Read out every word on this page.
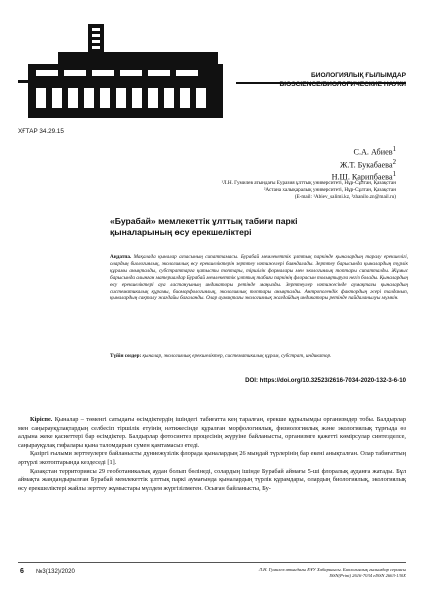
БИОЛОГИЯЛЫҚ ҒЫЛЫМДАР
BIOSCIENCE/БИОЛОГИЧЕСКИЕ НАУКИ
ХҒТАР 34.29.15
С.А. Абиев$^1$
Ж.Т. Букабаева$^2$
Н.Ш. Карипбаева$^1$
¹Л.Н. Гумилев атындағы Еуразия ұлттық университеті, Нұр-Сұлтан, Қазақстан
²Астана халықаралық университеті, Нұр-Сұлтан, Қазақстан
(E-mail: ¹Abiev_salimi.kz, ²zhanilo.zn@mail.ru)
«Бурабай» мемлекеттік ұлттық табиғи паркі
қыналарының өсу ерекшеліктері
Аңдатпа. Мақалада қыналар ағзасының сипаттамасы. Бурабай мемлекеттік ұлттық паркінде қыналардың таралу ерекшелігі, олардың биологиялық, экологиялық өсу ерекшеліктерін зерттеу нәтижелері баяндалады. Зерттеу барысында қыналардың түрлік құрамы анықталды, субстраттарға қатысты топтары, тіршілік формалары мен экологиялық топтары сипатталды. Жұмыс барысында алынған материалдар Бурабай мемлекеттік ұлттық табиғи паркінің флорасын толықтыруға негіз болады. Қыналардың өсу ерекшеліктері ауа ластануының индикаторы ретінде маңызды. Зерттеулер нәтижесінде аумақтағы қыналардың систематикалық құрамы, биоморфологиялық, экологиялық топтары анықталды. Антропогендік фактордың әсері талданып, қыналардың сақталу жағдайы бағаланды. Олар аумақтағы экологиялық жағдайдың индикаторы ретінде пайдаланылуы мүмкін.
Түйін сөздер: қыналар, экологиялық ерекшеліктер, систематикалық құрам, субстрат, индикатор.
DOI: https://doi.org/10.32523/2616-7034-2020-132-3-6-10

Кіріспе. Қыналар – төменгі сатыдағы өсімдіктердің ішіндегі табиғатта кең таралған, ерекше құрылымды организмдер тобы. Балдырлар мен саңырауқұлақтардың селбесіп тіршілік етуінің нәтижесінде құралған морфологиялық, физиологиялық және экологиялық тұрғыда өз алдына жеке қасиеттері бар өсімдіктер. Балдырлар фотосинтез процесінің жүруіне байланысты, организмге қажетті көмірсулар синтезделсе, саңырауқұлақ гифалары қына таломдарын сумен қамтамасыз етеді.

Қазіргі ғылыми зерттеулерге байланысты дүниежүзілік флорада қыналардың 26 мыңдай түрлерінің бар екені анықталған. Олар табиғаттың әртүрлі экотоптарында кездеседі [1].

Қазақстан территориясы 29 геоботаникалық аудан болып бөлінеді, солардың ішінде Бурабай аймағы 5-ші флоралық ауданға жатады. Бұл аймақта жандандырылған Бурабай мемлекеттік ұлттық паркі аумағында қыналардың түрлік құрамдары, олардың биологиялық, экологиялық өсу ерекшеліктері жайлы зерттеу жұмыстары мүлдем жүргізілмеген. Осыған байланысты, Бу-

6 №3(132)/2020	Л.Н. Гумилев атындағы ЕҰУ Хабаршысы. Биологиялық ғылымдар сериясы
ISSN(Print) 2616-7034 eISSN 2663-130X
